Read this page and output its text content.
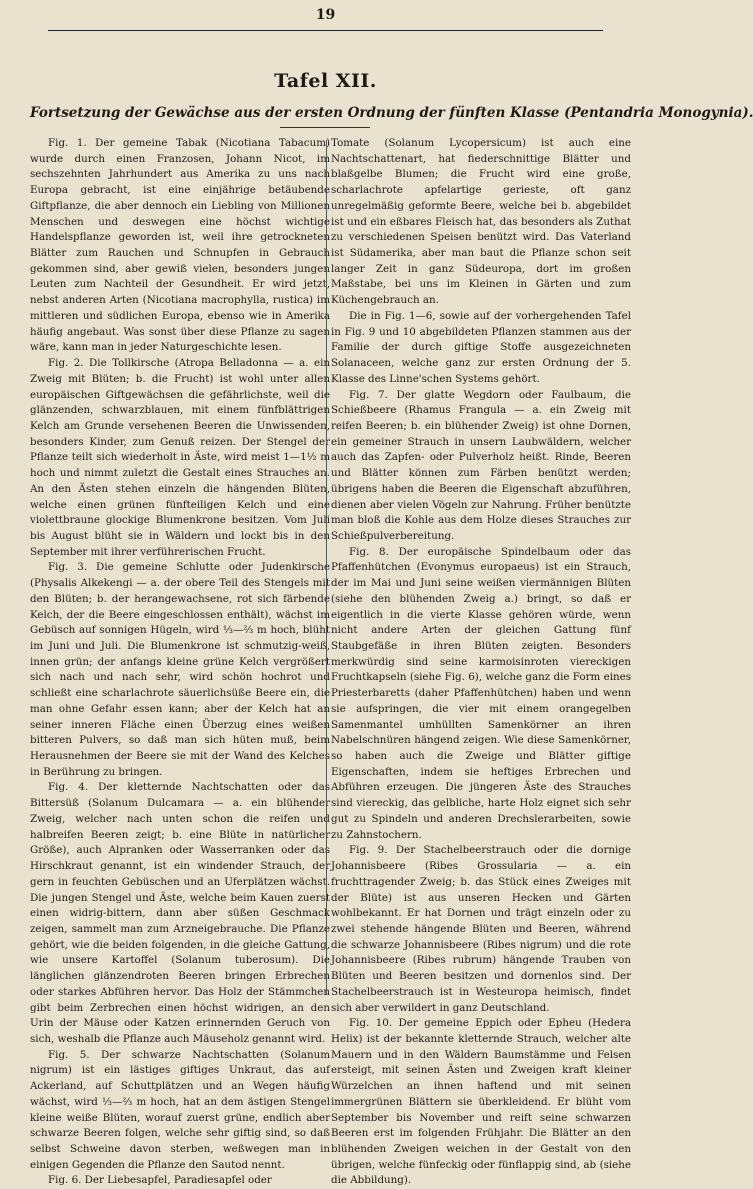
19
Tafel XII.
Fortsetzung der Gewächse aus der ersten Ordnung der fünften Klasse (Pentandria Monogynia).

Fig. 1. Der gemeine Tabak (Nicotiana Tabacum) wurde durch einen Franzosen, Johann Nicot, im sechszehnten Jahrhundert aus Amerika zu uns nach Europa gebracht, ist eine einjährige betäubende Giftpflanze, die aber dennoch ein Liebling von Millionen Menschen und deswegen eine höchst wichtige Handelspflanze geworden ist, weil ihre getrockneten Blätter zum Rauchen und Schnupfen in Gebrauch gekommen sind, aber gewiß vielen, besonders jungen Leuten zum Nachteil der Gesundheit. Er wird jetzt, nebst anderen Arten (Nicotiana macrophylla, rustica) im mittleren und südlichen Europa, ebenso wie in Amerika häufig angebaut. Was sonst über diese Pflanze zu sagen wäre, kann man in jeder Naturgeschichte lesen.

Fig. 2. Die Tollkirsche (Atropa Belladonna — a. ein Zweig mit Blüten; b. die Frucht) ist wohl unter allen europäischen Giftgewächsen die gefährlichste, weil die glänzenden, schwarzblauen, mit einem fünfblättrigen Kelch am Grunde versehenen Beeren die Unwissenden, besonders Kinder, zum Genuß reizen. Der Stengel der Pflanze teilt sich wiederholt in Äste, wird meist 1—1½ m hoch und nimmt zuletzt die Gestalt eines Strauches an. An den Ästen stehen einzeln die hängenden Blüten, welche einen grünen fünfteiligen Kelch und eine violettbraune glockige Blumenkrone besitzen. Vom Juli bis August blüht sie in Wäldern und lockt bis in den September mit ihrer verführerischen Frucht.

Fig. 3. Die gemeine Schlutte oder Judenkirsche (Physalis Alkekengi — a. der obere Teil des Stengels mit den Blüten; b. der herangewachsene, rot sich färbende Kelch, der die Beere eingeschlossen enthält), wächst im Gebüsch auf sonnigen Hügeln, wird ⅓—⅔ m hoch, blüht im Juni und Juli. Die Blumenkrone ist schmutzig-weiß, innen grün; der anfangs kleine grüne Kelch vergrößert sich nach und nach sehr, wird schön hochrot und schließt eine scharlachrote säuerlichsüße Beere ein, die man ohne Gefahr essen kann; aber der Kelch hat an seiner inneren Fläche einen Überzug eines weißen bitteren Pulvers, so daß man sich hüten muß, beim Herausnehmen der Beere sie mit der Wand des Kelches in Berührung zu bringen.

Fig. 4. Der kletternde Nachtschatten oder das Bittersüß (Solanum Dulcamara — a. ein blühender Zweig, welcher nach unten schon die reifen und halbreifen Beeren zeigt; b. eine Blüte in natürlicher Größe), auch Alpranken oder Wasserranken oder das Hirschkraut genannt, ist ein windender Strauch, der gern in feuchten Gebüschen und an Uferplätzen wächst. Die jungen Stengel und Äste, welche beim Kauen zuerst einen widrig-bittern, dann aber süßen Geschmack zeigen, sammelt man zum Arzneigebrauche. Die Pflanze gehört, wie die beiden folgenden, in die gleiche Gattung, wie unsere Kartoffel (Solanum tuberosum). Die länglichen glänzendroten Beeren bringen Erbrechen oder starkes Abführen hervor. Das Holz der Stämmchen gibt beim Zerbrechen einen höchst widrigen, an den Urin der Mäuse oder Katzen erinnernden Geruch von sich, weshalb die Pflanze auch Mäuseholz genannt wird.

Fig. 5. Der schwarze Nachtschatten (Solanum nigrum) ist ein lästiges giftiges Unkraut, das auf Ackerland, auf Schuttplätzen und an Wegen häufig wächst, wird ⅓—⅔ m hoch, hat an dem ästigen Stengel kleine weiße Blüten, worauf zuerst grüne, endlich aber schwarze Beeren folgen, welche sehr giftig sind, so daß selbst Schweine davon sterben, weßwegen man in einigen Gegenden die Pflanze den Sautod nennt.

Fig. 6. Der Liebesapfel, Paradiesapfel oder

Tomate (Solanum Lycopersicum) ist auch eine Nachtschattenart, hat fiederschnittige Blätter und blaßgelbe Blumen; die Frucht wird eine große, scharlachrote apfelartige gerieste, oft ganz unregelmäßig geformte Beere, welche bei b. abgebildet ist und ein eßbares Fleisch hat, das besonders als Zuthat zu verschiedenen Speisen benützt wird. Das Vaterland ist Südamerika, aber man baut die Pflanze schon seit langer Zeit in ganz Südeuropa, dort im großen Maßstabe, bei uns im Kleinen in Gärten und zum Küchengebrauch an.

Die in Fig. 1—6, sowie auf der vorhergehenden Tafel in Fig. 9 und 10 abgebildeten Pflanzen stammen aus der Familie der durch giftige Stoffe ausgezeichneten Solanaceen, welche ganz zur ersten Ordnung der 5. Klasse des Linne'schen Systems gehört.

Fig. 7. Der glatte Wegdorn oder Faulbaum, die Schießbeere (Rhamus Frangula — a. ein Zweig mit reifen Beeren; b. ein blühender Zweig) ist ohne Dornen, ein gemeiner Strauch in unsern Laubwäldern, welcher auch das Zapfen- oder Pulverholz heißt. Rinde, Beeren und Blätter können zum Färben benützt werden; übrigens haben die Beeren die Eigenschaft abzuführen, dienen aber vielen Vögeln zur Nahrung. Früher benützte man bloß die Kohle aus dem Holze dieses Strauches zur Schießpulverbereitung.

Fig. 8. Der europäische Spindelbaum oder das Pfaffenhütchen (Evonymus europaeus) ist ein Strauch, der im Mai und Juni seine weißen viermännigen Blüten (siehe den blühenden Zweig a.) bringt, so daß er eigentlich in die vierte Klasse gehören würde, wenn nicht andere Arten der gleichen Gattung fünf Staubgefäße in ihren Blüten zeigten. Besonders merkwürdig sind seine karmoisinroten viereckigen Fruchtkapseln (siehe Fig. 6), welche ganz die Form eines Priesterbaretts (daher Pfaffenhütchen) haben und wenn sie aufspringen, die vier mit einem orangegelben Samenmantel umhüllten Samenkörner an ihren Nabelschnüren hängend zeigen. Wie diese Samenkörner, so haben auch die Zweige und Blätter giftige Eigenschaften, indem sie heftiges Erbrechen und Abführen erzeugen. Die jüngeren Äste des Strauches sind viereckig, das gelbliche, harte Holz eignet sich sehr gut zu Spindeln und anderen Drechslerarbeiten, sowie zu Zahnstochern.

Fig. 9. Der Stachelbeerstrauch oder die dornige Johannisbeere (Ribes Grossularia — a. ein fruchttragender Zweig; b. das Stück eines Zweiges mit der Blüte) ist aus unseren Hecken und Gärten wohlbekannt. Er hat Dornen und trägt einzeln oder zu zwei stehende hängende Blüten und Beeren, während die schwarze Johannisbeere (Ribes nigrum) und die rote Johannisbeere (Ribes rubrum) hängende Trauben von Blüten und Beeren besitzen und dornenlos sind. Der Stachelbeerstrauch ist in Westeuropa heimisch, findet sich aber verwildert in ganz Deutschland.

Fig. 10. Der gemeine Eppich oder Epheu (Hedera Helix) ist der bekannte kletternde Strauch, welcher alte Mauern und in den Wäldern Baumstämme und Felsen ersteigt, mit seinen Ästen und Zweigen kraft kleiner Würzelchen an ihnen haftend und mit seinen immergrünen Blättern sie überkleidend. Er blüht vom September bis November und reift seine schwarzen Beeren erst im folgenden Frühjahr. Die Blätter an den blühenden Zweigen weichen in der Gestalt von den übrigen, welche fünfeckig oder fünflappig sind, ab (siehe die Abbildung).
